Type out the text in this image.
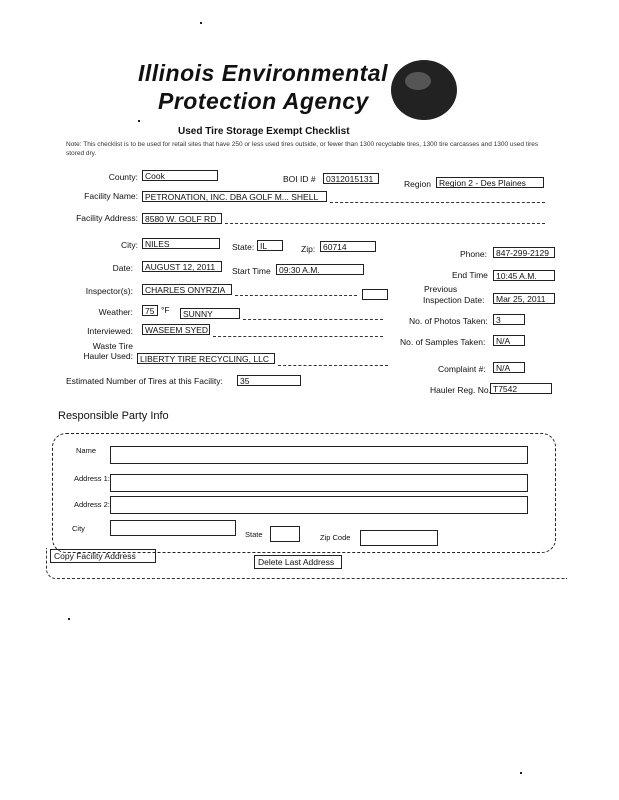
Illinois Environmental
Protection Agency
Used Tire Storage Exempt Checklist
Note: This checklist is to be used for retail sites that have 250 or less used tires outside, or fewer than 1300 recyclable tires, 1300 tire carcasses and 1300 used tires stored dry.
County: Cook	BOI ID #	0312015131	Region Region 2 - Des Plaines
Facility Name: PETRONATION, INC. DBA GOLF M... SHELL
Facility Address: 8580 W. GOLF RD
City: NILES	State: IL	Zip: 60714
Phone:	847-299-2129
Date:	AUGUST 12, 2011	Start Time 09:30 A.M.	End Time 10:45 A.M.
Inspector(s):	CHARLES ONYRZIA	Previous
Inspection Date:	Mar 25, 2011
Weather:	75 °F	SUNNY
No. of Photos Taken: 3
Interviewed:	WASEEM SYED
No. of Samples Taken:	N/A
Waste Tire
Hauler Used: LIBERTY TIRE RECYCLING, LLC
Complaint #:	N/A
Estimated Number of Tires at this Facility:	35
Hauler Reg. No. T7542
Responsible Party Info
Name
Address 1:
Address 2:
City
State	Zip Code
Copy Facility Address
Delete Last Address
